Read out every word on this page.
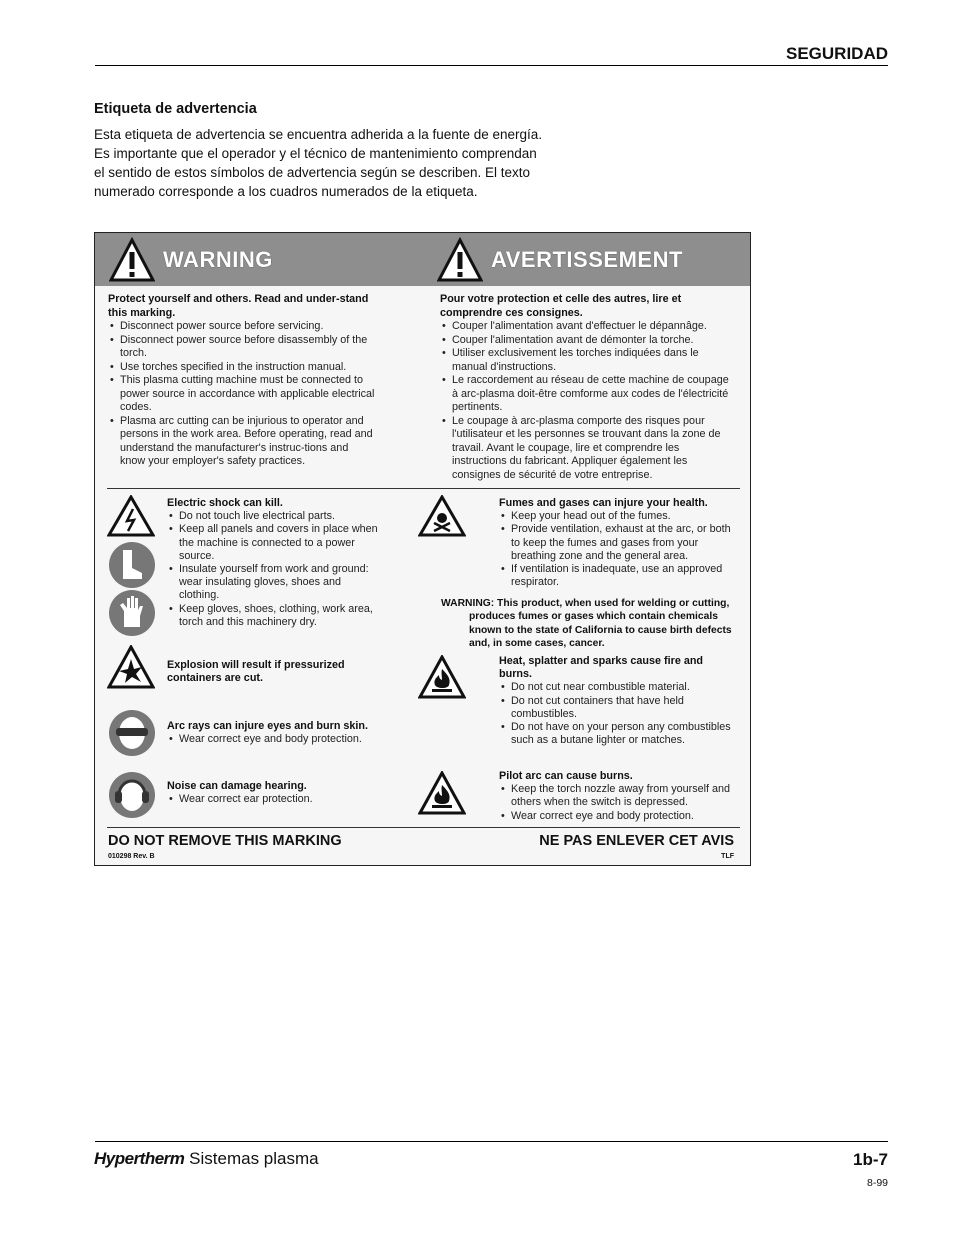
SEGURIDAD
Etiqueta de advertencia
Esta etiqueta de advertencia se encuentra adherida a la fuente de energía.
Es importante que el operador y el técnico de mantenimiento comprendan
el sentido de estos símbolos de advertencia según se describen. El texto
numerado corresponde a los cuadros numerados de la etiqueta.
WARNING	AVERTISSEMENT
Protect yourself and others. Read and under-stand this marking.
• Disconnect power source before servicing.
• Disconnect power source before disassembly of the torch.
• Use torches specified in the instruction manual.
• This plasma cutting machine must be connected to power source in accordance with applicable electrical codes.
• Plasma arc cutting can be injurious to operator and persons in the work area. Before operating, read and understand the manufacturer's instruc-tions and know your employer's safety practices.
Pour votre protection et celle des autres, lire et comprendre ces consignes.
• Couper l'alimentation avant d'effectuer le dépannâge.
• Couper l'alimentation avant de démonter la torche.
• Utiliser exclusivement les torches indiquées dans le manual d'instructions.
• Le raccordement au réseau de cette machine de coupage à arc-plasma doit-être comforme aux codes de l'électricité pertinents.
• Le coupage à arc-plasma comporte des risques pour l'utilisateur et les personnes se trouvant dans la zone de travail. Avant le coupage, lire et comprendre les instructions du fabricant. Appliquer également les consignes de sécurité de votre entreprise.
Electric shock can kill.
• Do not touch live electrical parts.
• Keep all panels and covers in place when the machine is connected to a power source.
• Insulate yourself from work and ground: wear insulating gloves, shoes and clothing.
• Keep gloves, shoes, clothing, work area, torch and this machinery dry.
Explosion will result if pressurized containers are cut.
Arc rays can injure eyes and burn skin.
• Wear correct eye and body protection.
Noise can damage hearing.
• Wear correct ear protection.
Fumes and gases can injure your health.
• Keep your head out of the fumes.
• Provide ventilation, exhaust at the arc, or both to keep the fumes and gases from your breathing zone and the general area.
• If ventilation is inadequate, use an approved respirator.
WARNING: This product, when used for welding or cutting, produces fumes or gases which contain chemicals known to the state of California to cause birth defects and, in some cases, cancer.
Heat, splatter and sparks cause fire and burns.
• Do not cut near combustible material.
• Do not cut containers that have held combustibles.
• Do not have on your person any combustibles such as a butane lighter or matches.
Pilot arc can cause burns.
• Keep the torch nozzle away from yourself and others when the switch is depressed.
• Wear correct eye and body protection.
DO NOT REMOVE THIS MARKING	NE PAS ENLEVER CET AVIS
010298 Rev. B	TLF
Hypertherm Sistemas plasma	1b-7
8-99
